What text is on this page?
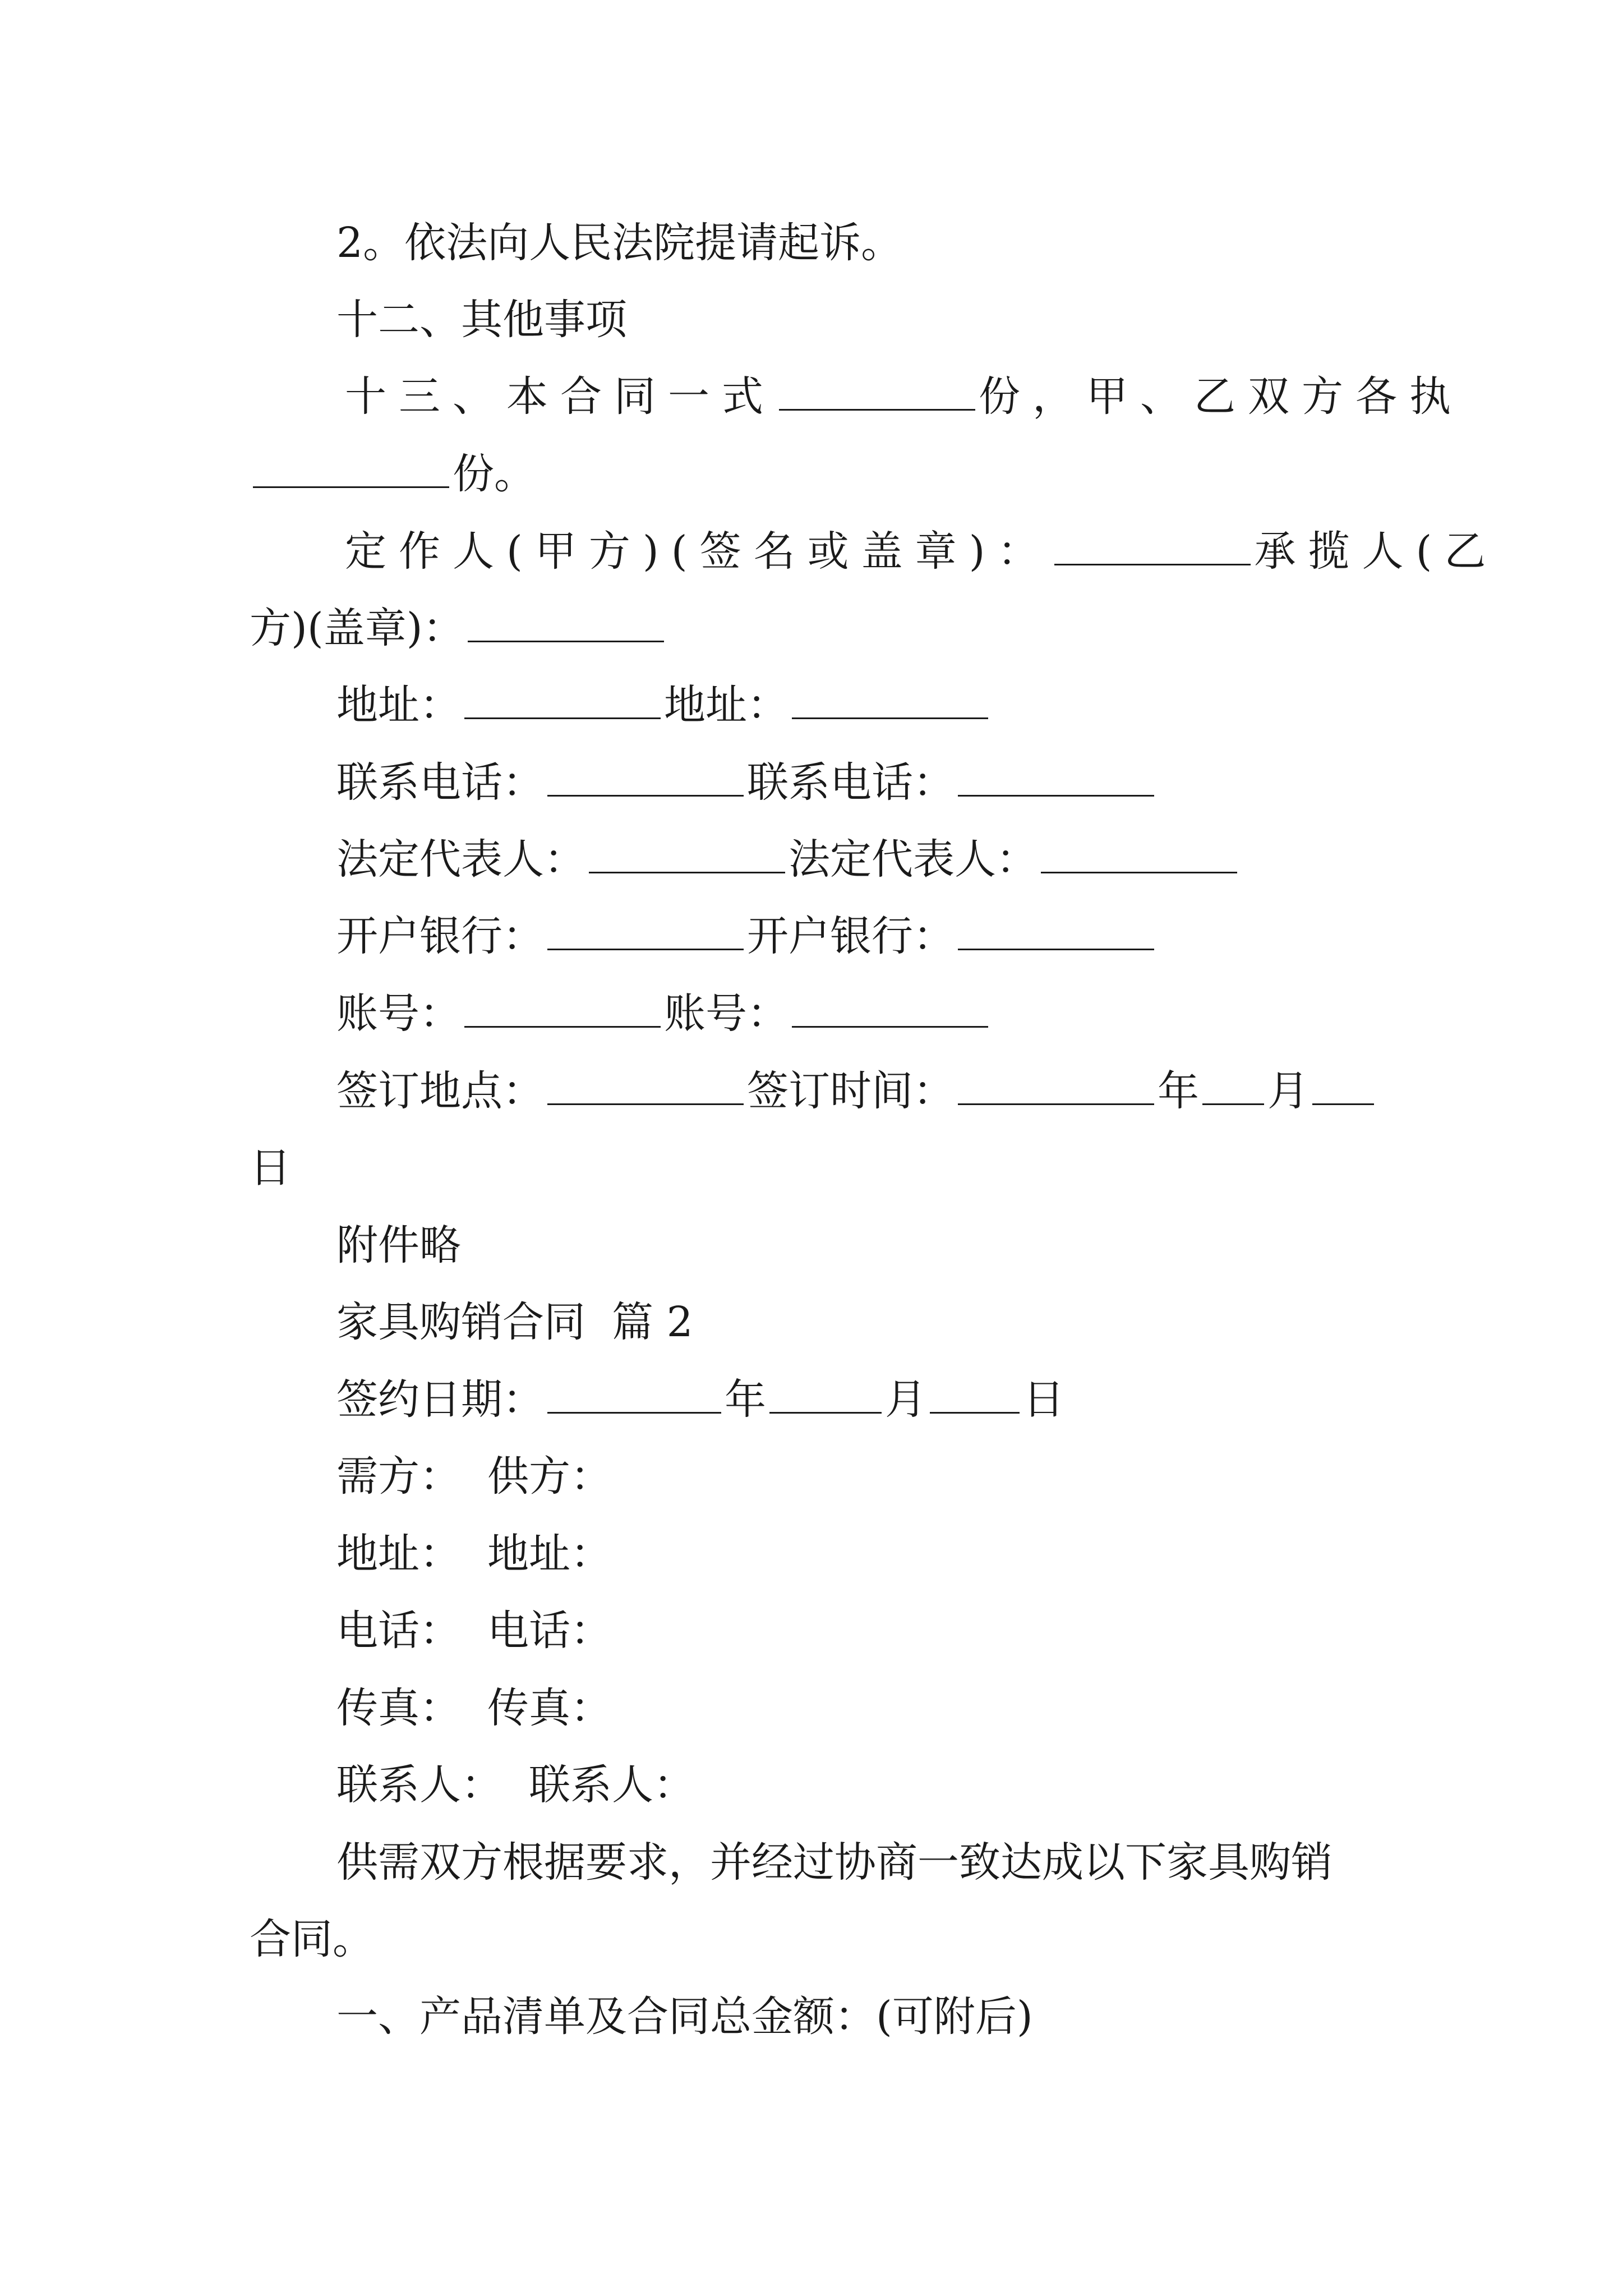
2。依法向人民法院提请起诉。
十二、其他事项
十三、本合同一式	份，甲、乙双方各执
份。
定作人(甲方)(签名或盖章)：	承揽人(乙
方)(盖章)：
地址：	地址：
联系电话：	联系电话：
法定代表人：	法定代表人：
开户银行：	开户银行：
账号：	账号：
签订地点：	签订时间：	年 月
日
附件略
家具购销合同  篇 2
签约日期：	年	月 日
需方： 供方：
地址： 地址：
电话： 电话：
传真： 传真：
联系人： 联系人：
供需双方根据要求，并经过协商一致达成以下家具购销
合同。
一、产品清单及合同总金额：(可附后)
